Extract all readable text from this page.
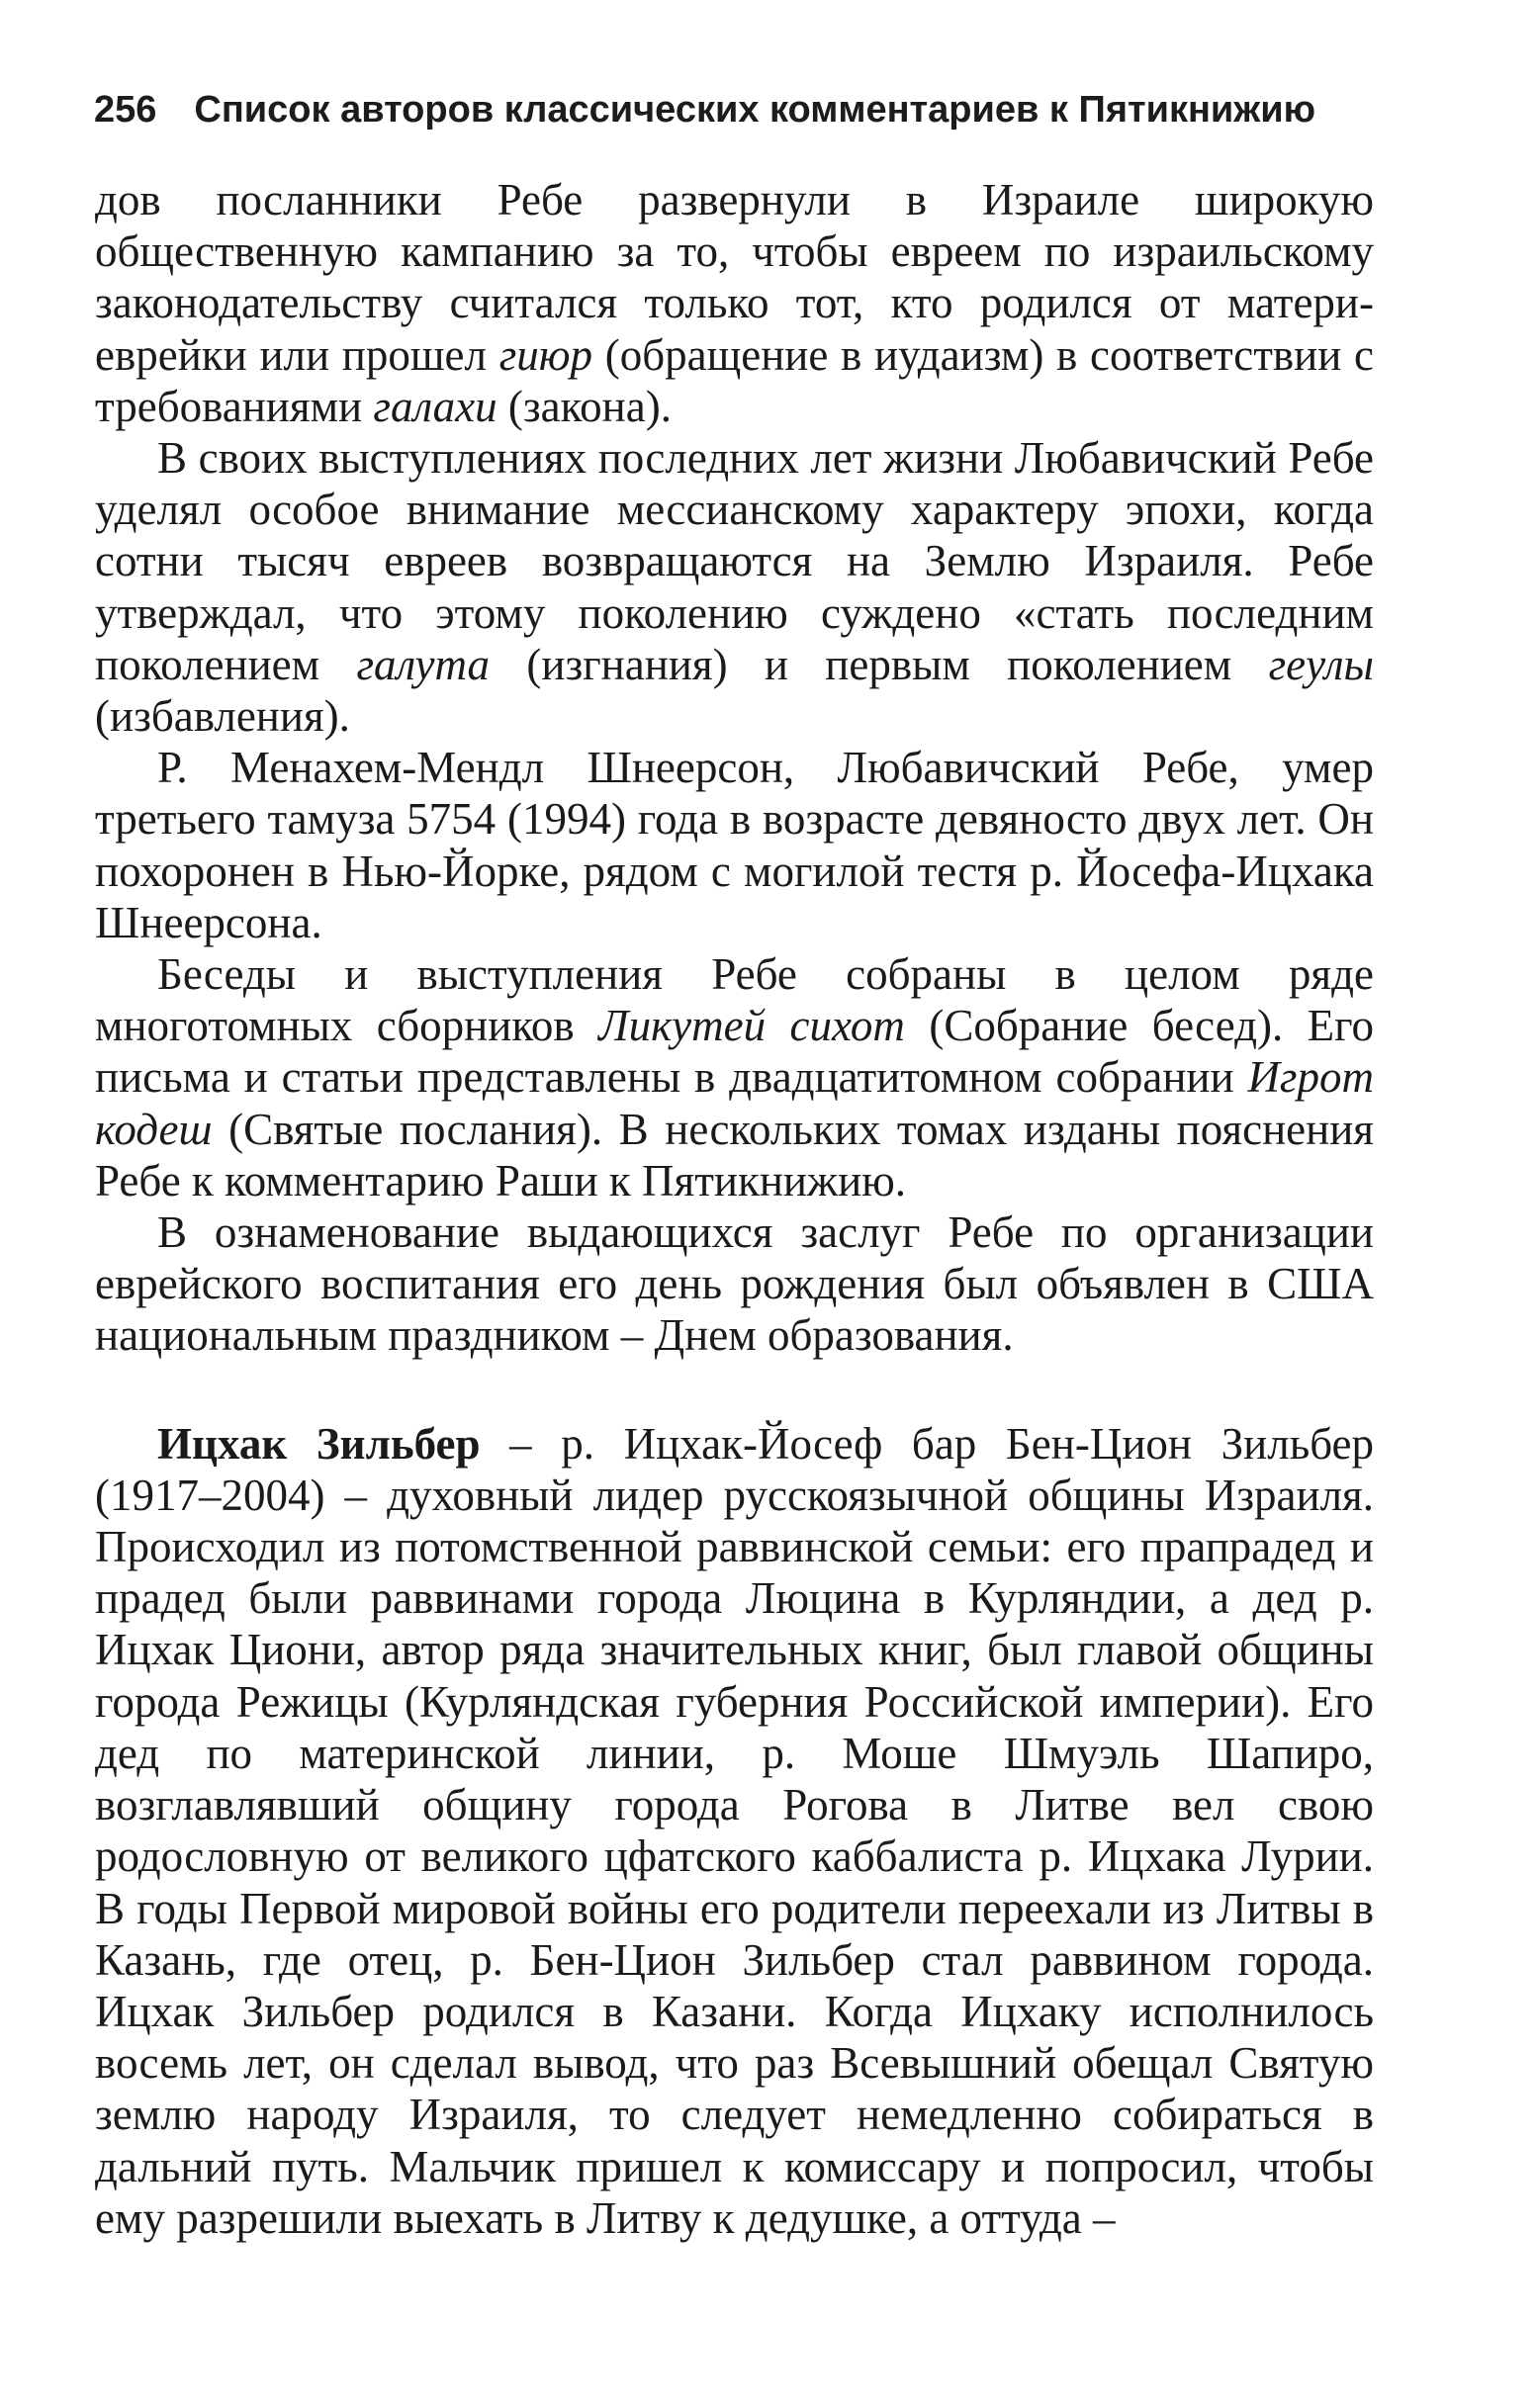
256 Список авторов классических комментариев к Пятикнижию

дов посланники Ребе развернули в Израиле широкую общественную кампанию за то, чтобы евреем по израильскому законодательству считался только тот, кто родился от матери-еврейки или прошел гиюр (обращение в иудаизм) в соответствии с требованиями галахи (закона).

В своих выступлениях последних лет жизни Любавичский Ребе уделял особое внимание мессианскому характеру эпохи, когда сотни тысяч евреев возвращаются на Землю Израиля. Ребе утверждал, что этому поколению суждено «стать последним поколением галута (изгнания) и первым поколением геулы (избавления).

Р. Менахем-Мендл Шнеерсон, Любавичский Ребе, умер третьего тамуза 5754 (1994) года в возрасте девяносто двух лет. Он похоронен в Нью-Йорке, рядом с могилой тестя р. Йосефа-Ицхака Шнеерсона.

Беседы и выступления Ребе собраны в целом ряде многотомных сборников Ликутей сихот (Собрание бесед). Его письма и статьи представлены в двадцатитомном собрании Игрот кодеш (Святые послания). В нескольких томах изданы пояснения Ребе к комментарию Раши к Пятикнижию.

В ознаменование выдающихся заслуг Ребе по организации еврейского воспитания его день рождения был объявлен в США национальным праздником – Днем образования.

Ицхак Зильбер – р. Ицхак-Йосеф бар Бен-Цион Зильбер (1917–2004) – духовный лидер русскоязычной общины Израиля. Происходил из потомственной раввинской семьи: его прапрадед и прадед были раввинами города Люцина в Курляндии, а дед р. Ицхак Циони, автор ряда значительных книг, был главой общины города Режицы (Курляндская губерния Российской империи). Его дед по материнской линии, р. Моше Шмуэль Шапиро, возглавлявший общину города Рогова в Литве вел свою родословную от великого цфатского каббалиста р. Ицхака Лурии. В годы Первой мировой войны его родители переехали из Литвы в Казань, где отец, р. Бен-Цион Зильбер стал раввином города. Ицхак Зильбер родился в Казани. Когда Ицхаку исполнилось восемь лет, он сделал вывод, что раз Всевышний обещал Святую землю народу Израиля, то следует немедленно собираться в дальний путь. Мальчик пришел к комиссару и попросил, чтобы ему разрешили выехать в Литву к дедушке, а оттуда –
